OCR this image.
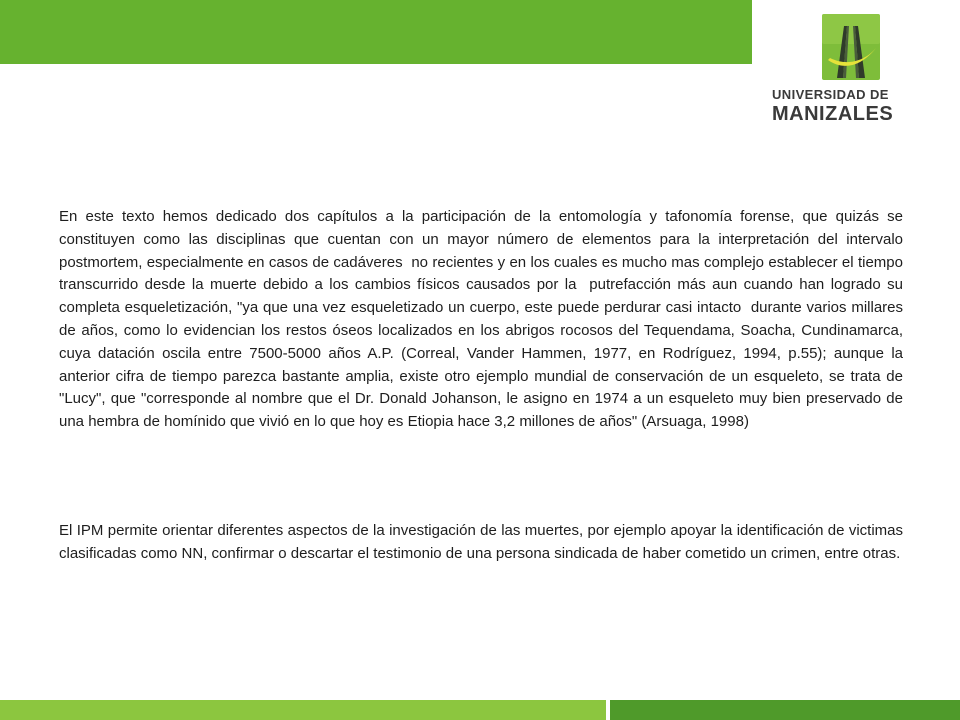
UNIVERSIDAD DE
MANIZALES

En este texto hemos dedicado dos capítulos a la participación de la entomología y tafonomía forense, que quizás se constituyen como las disciplinas que cuentan con un mayor número de elementos para la interpretación del intervalo postmortem, especialmente en casos de cadáveres  no recientes y en los cuales es mucho mas complejo establecer el tiempo transcurrido desde la muerte debido a los cambios físicos causados por la  putrefacción más aun cuando han logrado su completa esqueletización, "ya que una vez esqueletizado un cuerpo, este puede perdurar casi intacto  durante varios millares de años, como lo evidencian los restos óseos localizados en los abrigos rocosos del Tequendama, Soacha, Cundinamarca, cuya datación oscila entre 7500-5000 años A.P. (Correal, Vander Hammen, 1977, en Rodríguez, 1994, p.55); aunque la anterior cifra de tiempo parezca bastante amplia, existe otro ejemplo mundial de conservación de un esqueleto, se trata de "Lucy", que "corresponde al nombre que el Dr. Donald Johanson, le asigno en 1974 a un esqueleto muy bien preservado de una hembra de homínido que vivió en lo que hoy es Etiopia hace 3,2 millones de años" (Arsuaga, 1998)

El IPM permite orientar diferentes aspectos de la investigación de las muertes, por ejemplo apoyar la identificación de victimas clasificadas como NN, confirmar o descartar el testimonio de una persona sindicada de haber cometido un crimen, entre otras.
